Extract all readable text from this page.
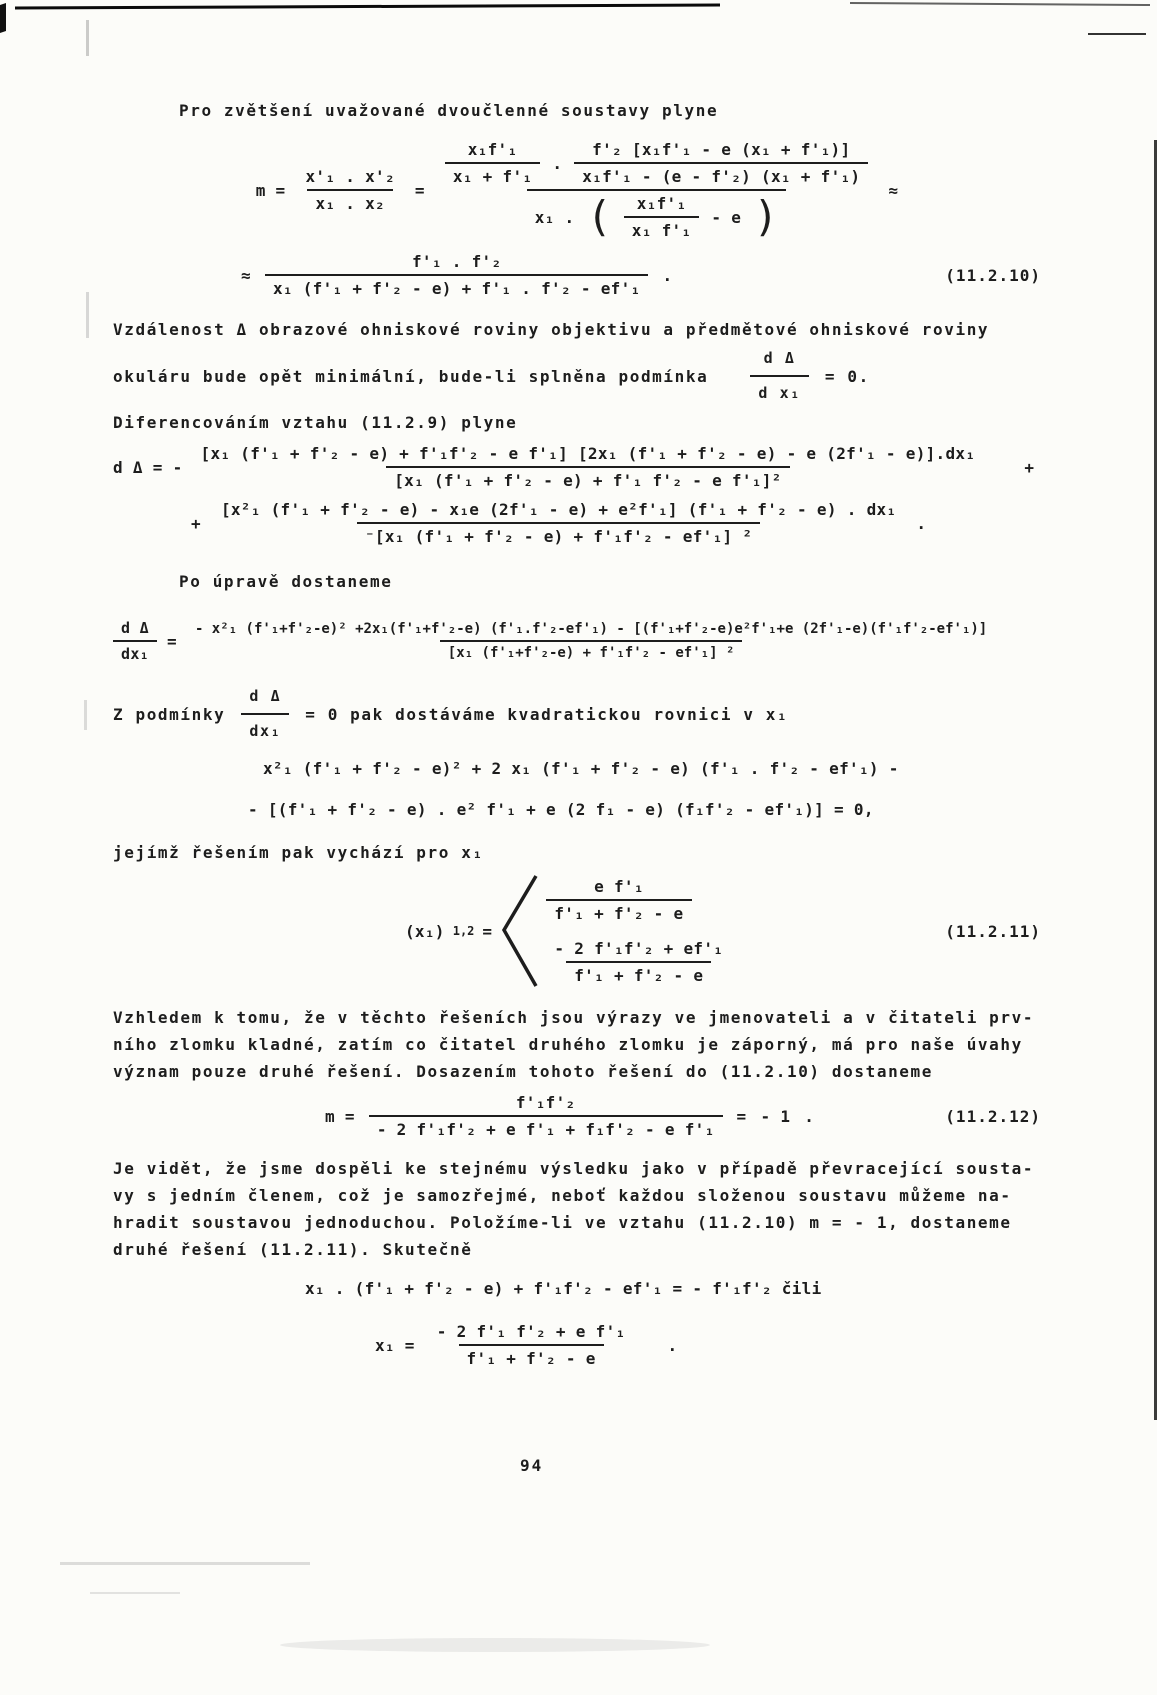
Pro zvětšení uvažované dvoučlenné soustavy plyne
$m = \frac{\text{x'₁ . x'₂}}{\text{x₁ . x₂}}$ =
$\frac{\text{x₁f'₁}}{\text{x₁ + f'₁}}$ . $\frac{\text{f'₂ [x₁f'₁ - e (x₁ + f'₁)]}}{\text{x₁f'₁ - (e - f'₂) (x₁ + f'₁)}}$
x₁ . ( $\frac{\text{x₁f'₁}}{\text{x₁ f'₁}}$ - e )
≈
≈ $\frac{\text{f'₁ . f'₂}}{\text{x₁ (f'₁ + f'₂ - e) + f'₁ . f'₂ - ef'₁}}$ .	(11.2.10)
Vzdálenost Δ obrazové ohniskové roviny objektivu a předmětové ohniskové roviny
okuláru bude opět minimální, bude-li splněna podmínka	$\frac{\text{d Δ}}{\text{d x₁}} = 0$.
Diferencováním vztahu (11.2.9) plyne
d Δ = -
[x₁ (f'₁ + f'₂ - e) + f'₁f'₂ - e f'₁] [2x₁ (f'₁ + f'₂ - e) - e (2f'₁ - e)].dx₁
[x₁ (f'₁ + f'₂ - e) + f'₁ f'₂ - e f'₁]²
+
+
[x²₁ (f'₁ + f'₂ - e) - x₁e (2f'₁ - e) + e²f'₁] (f'₁ + f'₂ - e) . dx₁
⁻[x₁ (f'₁ + f'₂ - e) + f'₁f'₂ - ef'₁] ²
.
Po úpravě dostaneme
$\frac{\text{d Δ}}{\text{dx₁}}$ =
- x²₁ (f'₁+f'₂-e)² +2x₁(f'₁+f'₂-e) (f'₁.f'₂-ef'₁) - [(f'₁+f'₂-e)e²f'₁+e (2f'₁-e)(f'₁f'₂-ef'₁)]
[x₁ (f'₁+f'₂-e) + f'₁f'₂ - ef'₁] ²
Z podmínky $\frac{\text{d Δ}}{\text{dx₁}} = 0$ pak dostáváme kvadratickou rovnici v x₁
x²₁ (f'₁ + f'₂ - e)² + 2 x₁ (f'₁ + f'₂ - e) (f'₁ . f'₂ - ef'₁) -
- [(f'₁ + f'₂ - e) . e² f'₁ + e (2 f₁ - e) (f₁f'₂ - ef'₁)] = 0,
jejímž řešením pak vychází pro x₁
(x₁) 1,2 =
$\frac{\text{e f'₁}}{\text{f'₁ + f'₂ - e}}$
$\frac{\text{- 2 f'₁f'₂ + ef'₁}}{\text{f'₁ + f'₂ - e}}$
(11.2.11)
Vzhledem k tomu, že v těchto řešeních jsou výrazy ve jmenovateli a v čitateli prv-
ního zlomku kladné, zatím co čitatel druhého zlomku je záporný, má pro naše úvahy
význam pouze druhé řešení. Dosazením tohoto řešení do (11.2.10) dostaneme
$m = \frac{\text{f'₁f'₂}}{\text{- 2 f'₁f'₂ + e f'₁ + f₁f'₂ - e f'₁}}$ = - 1 .	(11.2.12)
Je vidět, že jsme dospěli ke stejnému výsledku jako v případě převracející sousta-
vy s jedním členem, což je samozřejmé, neboť každou složenou soustavu můžeme na-
hradit soustavou jednoduchou. Položíme-li ve vztahu (11.2.10) m = - 1, dostaneme
druhé řešení (11.2.11). Skutečně
x₁ . (f'₁ + f'₂ - e) + f'₁f'₂ - ef'₁ = - f'₁f'₂ čili
$x_1 = \frac{\text{- 2 f'₁ f'₂ + e f'₁}}{\text{f'₁ + f'₂ - e}}$ .
94
